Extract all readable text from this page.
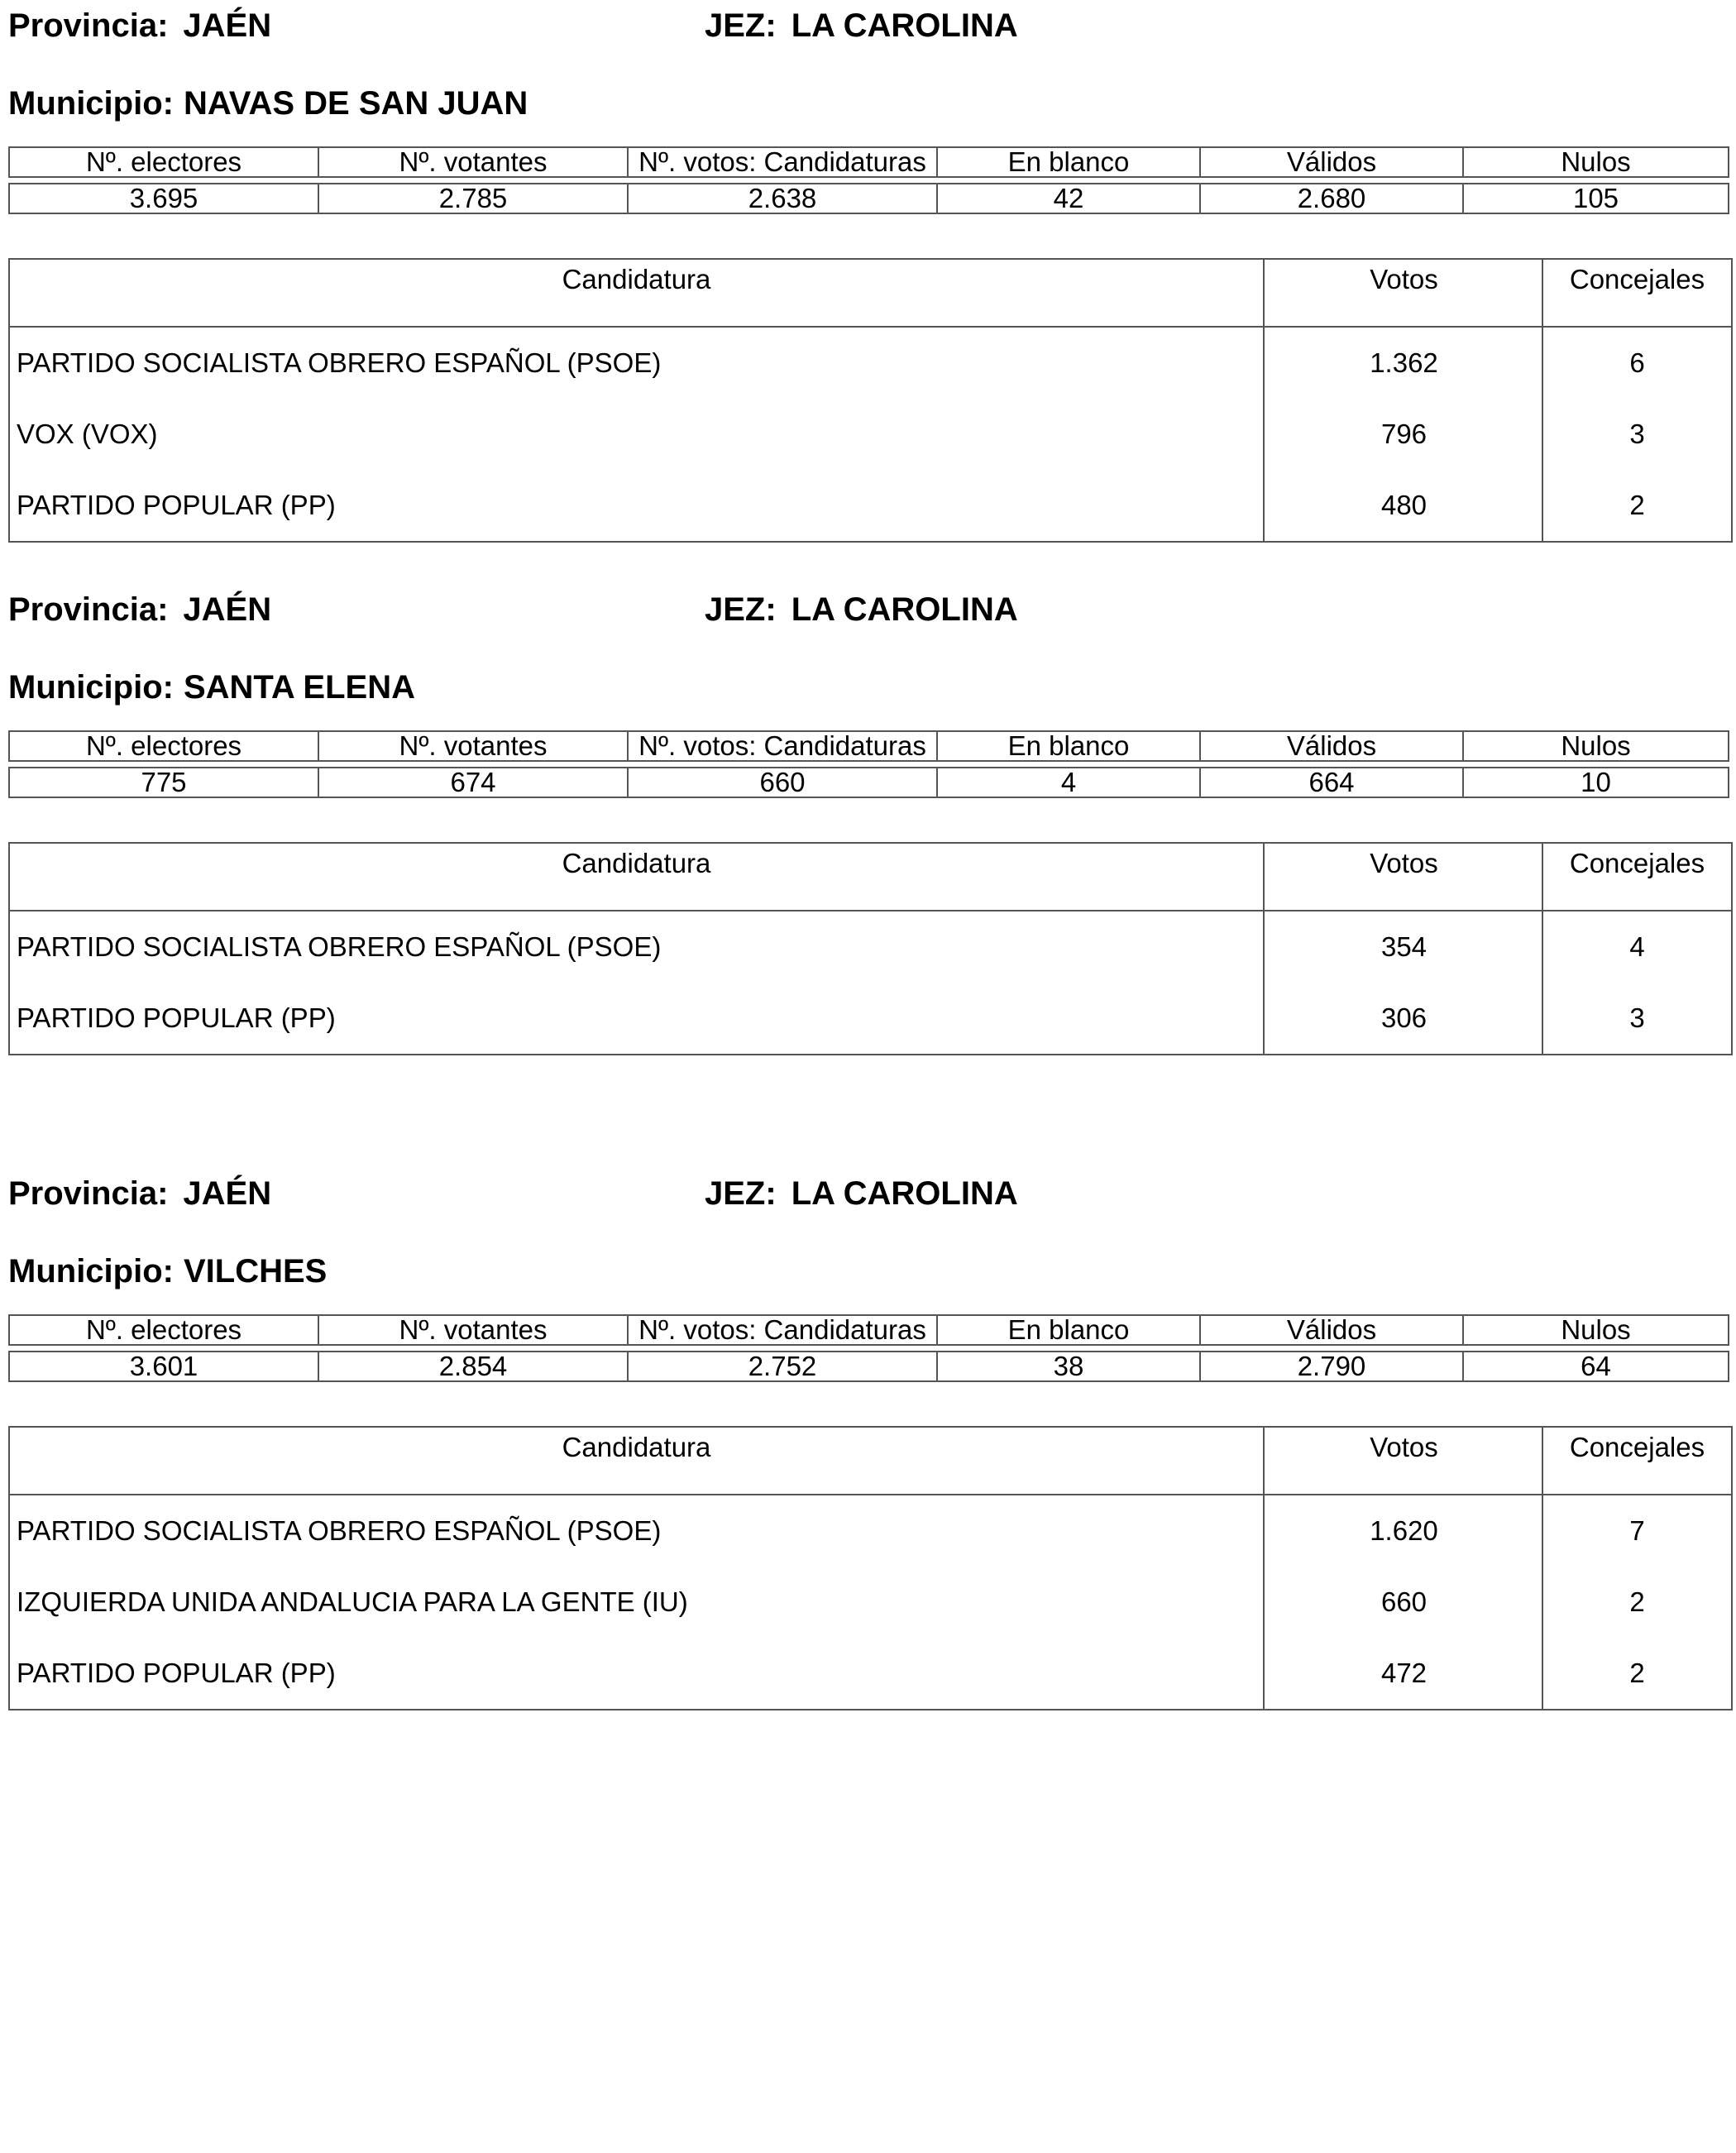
Provincia: JAÉN	JEZ: LA CAROLINA
Municipio: NAVAS DE SAN JUAN
Nº. electores	Nº. votantes	Nº. votos: Candidaturas	En blanco	Válidos	Nulos

3.695	2.785	2.638	42	2.680	105
Candidatura	Votos	Concejales
PARTIDO SOCIALISTA OBRERO ESPAÑOL (PSOE)	1.362	6
VOX (VOX)	796	3
PARTIDO POPULAR (PP)	480	2
Provincia: JAÉN	JEZ: LA CAROLINA
Municipio: SANTA ELENA
Nº. electores	Nº. votantes	Nº. votos: Candidaturas	En blanco	Válidos	Nulos

775	674	660	4	664	10
Candidatura	Votos	Concejales
PARTIDO SOCIALISTA OBRERO ESPAÑOL (PSOE)	354	4
PARTIDO POPULAR (PP)	306	3
Provincia: JAÉN	JEZ: LA CAROLINA
Municipio: VILCHES
Nº. electores	Nº. votantes	Nº. votos: Candidaturas	En blanco	Válidos	Nulos

3.601	2.854	2.752	38	2.790	64
Candidatura	Votos	Concejales
PARTIDO SOCIALISTA OBRERO ESPAÑOL (PSOE)	1.620	7
IZQUIERDA UNIDA ANDALUCIA PARA LA GENTE (IU)	660	2
PARTIDO POPULAR (PP)	472	2
